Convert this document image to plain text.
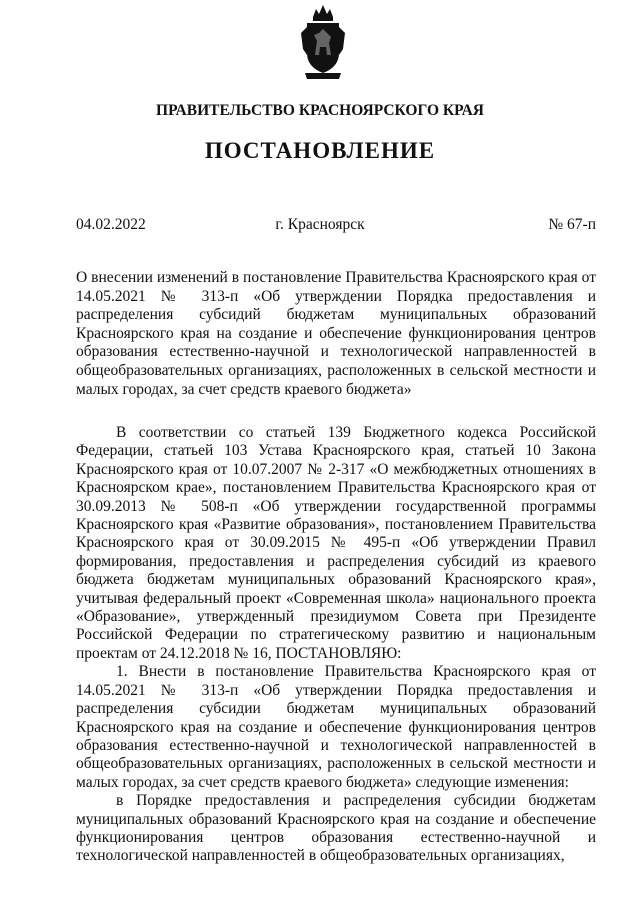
ПРАВИТЕЛЬСТВО КРАСНОЯРСКОГО КРАЯ
ПОСТАНОВЛЕНИЕ
04.02.2022	г. Красноярск	№ 67-п
О внесении изменений в постановление Правительства Красноярского края от 14.05.2021 № 313-п «Об утверждении Порядка предоставления и распределения субсидий бюджетам муниципальных образований Красноярского края на создание и обеспечение функционирования центров образования естественно-научной и технологической направленностей в общеобразовательных организациях, расположенных в сельской местности и малых городах, за счет средств краевого бюджета»

В соответствии со статьей 139 Бюджетного кодекса Российской Федерации, статьей 103 Устава Красноярского края, статьей 10 Закона Красноярского края от 10.07.2007 № 2-317 «О межбюджетных отношениях в Красноярском крае», постановлением Правительства Красноярского края от 30.09.2013 № 508-п «Об утверждении государственной программы Красноярского края «Развитие образования», постановлением Правительства Красноярского края от 30.09.2015 № 495-п «Об утверждении Правил формирования, предоставления и распределения субсидий из краевого бюджета бюджетам муниципальных образований Красноярского края», учитывая федеральный проект «Современная школа» национального проекта «Образование», утвержденный президиумом Совета при Президенте Российской Федерации по стратегическому развитию и национальным проектам от 24.12.2018 № 16, ПОСТАНОВЛЯЮ:

1. Внести в постановление Правительства Красноярского края от 14.05.2021 № 313-п «Об утверждении Порядка предоставления и распределения субсидии бюджетам муниципальных образований Красноярского края на создание и обеспечение функционирования центров образования естественно-научной и технологической направленностей в общеобразовательных организациях, расположенных в сельской местности и малых городах, за счет средств краевого бюджета» следующие изменения:

в Порядке предоставления и распределения субсидии бюджетам муниципальных образований Красноярского края на создание и обеспечение функционирования центров образования естественно-научной и технологической направленностей в общеобразовательных организациях,
